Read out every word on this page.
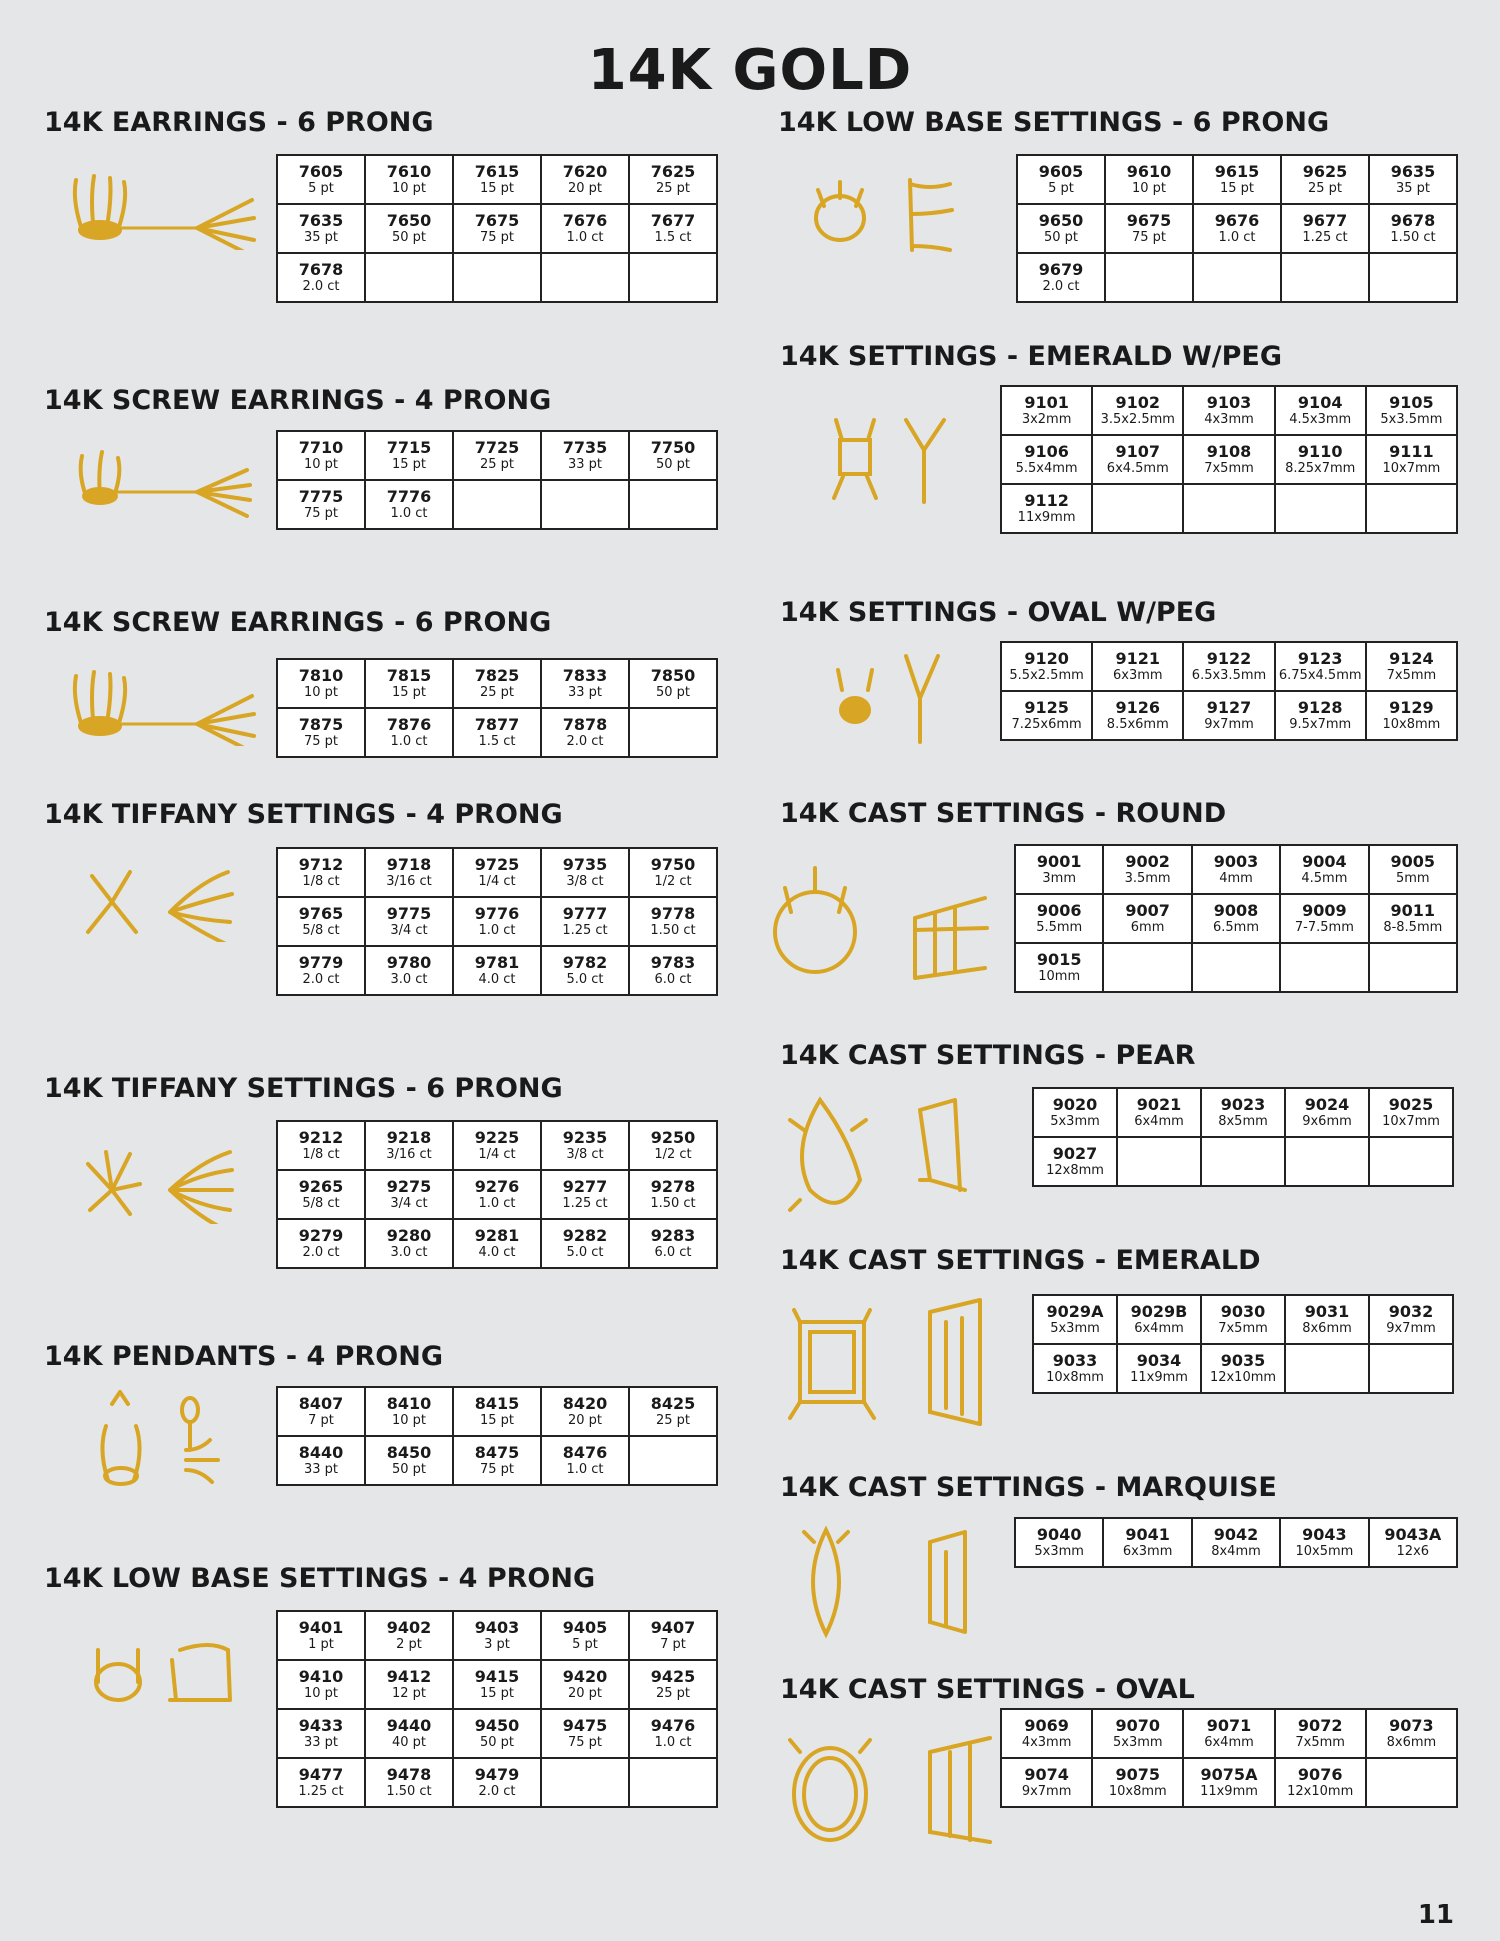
14K GOLD
14K EARRINGS - 6 PRONG
7605
5 pt
7610
10 pt
7615
15 pt
7620
20 pt
7625
25 pt
7635
35 pt
7650
50 pt
7675
75 pt
7676
1.0 ct
7677
1.5 ct
7678
2.0 ct
14K SCREW EARRINGS - 4 PRONG
7710
10 pt
7715
15 pt
7725
25 pt
7735
33 pt
7750
50 pt
7775
75 pt
7776
1.0 ct
14K SCREW EARRINGS - 6 PRONG
7810
10 pt
7815
15 pt
7825
25 pt
7833
33 pt
7850
50 pt
7875
75 pt
7876
1.0 ct
7877
1.5 ct
7878
2.0 ct
14K TIFFANY SETTINGS - 4 PRONG
9712
1/8 ct
9718
3/16 ct
9725
1/4 ct
9735
3/8 ct
9750
1/2 ct
9765
5/8 ct
9775
3/4 ct
9776
1.0 ct
9777
1.25 ct
9778
1.50 ct
9779
2.0 ct
9780
3.0 ct
9781
4.0 ct
9782
5.0 ct
9783
6.0 ct
14K TIFFANY SETTINGS - 6 PRONG
9212
1/8 ct
9218
3/16 ct
9225
1/4 ct
9235
3/8 ct
9250
1/2 ct
9265
5/8 ct
9275
3/4 ct
9276
1.0 ct
9277
1.25 ct
9278
1.50 ct
9279
2.0 ct
9280
3.0 ct
9281
4.0 ct
9282
5.0 ct
9283
6.0 ct
14K PENDANTS - 4 PRONG
8407
7 pt
8410
10 pt
8415
15 pt
8420
20 pt
8425
25 pt
8440
33 pt
8450
50 pt
8475
75 pt
8476
1.0 ct
14K LOW BASE SETTINGS - 4 PRONG
9401
1 pt
9402
2 pt
9403
3 pt
9405
5 pt
9407
7 pt
9410
10 pt
9412
12 pt
9415
15 pt
9420
20 pt
9425
25 pt
9433
33 pt
9440
40 pt
9450
50 pt
9475
75 pt
9476
1.0 ct
9477
1.25 ct
9478
1.50 ct
9479
2.0 ct
14K LOW BASE SETTINGS - 6 PRONG
9605
5 pt
9610
10 pt
9615
15 pt
9625
25 pt
9635
35 pt
9650
50 pt
9675
75 pt
9676
1.0 ct
9677
1.25 ct
9678
1.50 ct
9679
2.0 ct
14K SETTINGS - EMERALD W/PEG
9101
3x2mm
9102
3.5x2.5mm
9103
4x3mm
9104
4.5x3mm
9105
5x3.5mm
9106
5.5x4mm
9107
6x4.5mm
9108
7x5mm
9110
8.25x7mm
9111
10x7mm
9112
11x9mm
14K SETTINGS - OVAL W/PEG
9120
5.5x2.5mm
9121
6x3mm
9122
6.5x3.5mm
9123
6.75x4.5mm
9124
7x5mm
9125
7.25x6mm
9126
8.5x6mm
9127
9x7mm
9128
9.5x7mm
9129
10x8mm
14K CAST SETTINGS - ROUND
9001
3mm
9002
3.5mm
9003
4mm
9004
4.5mm
9005
5mm
9006
5.5mm
9007
6mm
9008
6.5mm
9009
7-7.5mm
9011
8-8.5mm
9015
10mm
14K CAST SETTINGS - PEAR
9020
5x3mm
9021
6x4mm
9023
8x5mm
9024
9x6mm
9025
10x7mm
9027
12x8mm
14K CAST SETTINGS - EMERALD
9029A
5x3mm
9029B
6x4mm
9030
7x5mm
9031
8x6mm
9032
9x7mm
9033
10x8mm
9034
11x9mm
9035
12x10mm
14K CAST SETTINGS - MARQUISE
9040
5x3mm
9041
6x3mm
9042
8x4mm
9043
10x5mm
9043A
12x6
14K CAST SETTINGS - OVAL
9069
4x3mm
9070
5x3mm
9071
6x4mm
9072
7x5mm
9073
8x6mm
9074
9x7mm
9075
10x8mm
9075A
11x9mm
9076
12x10mm
11
